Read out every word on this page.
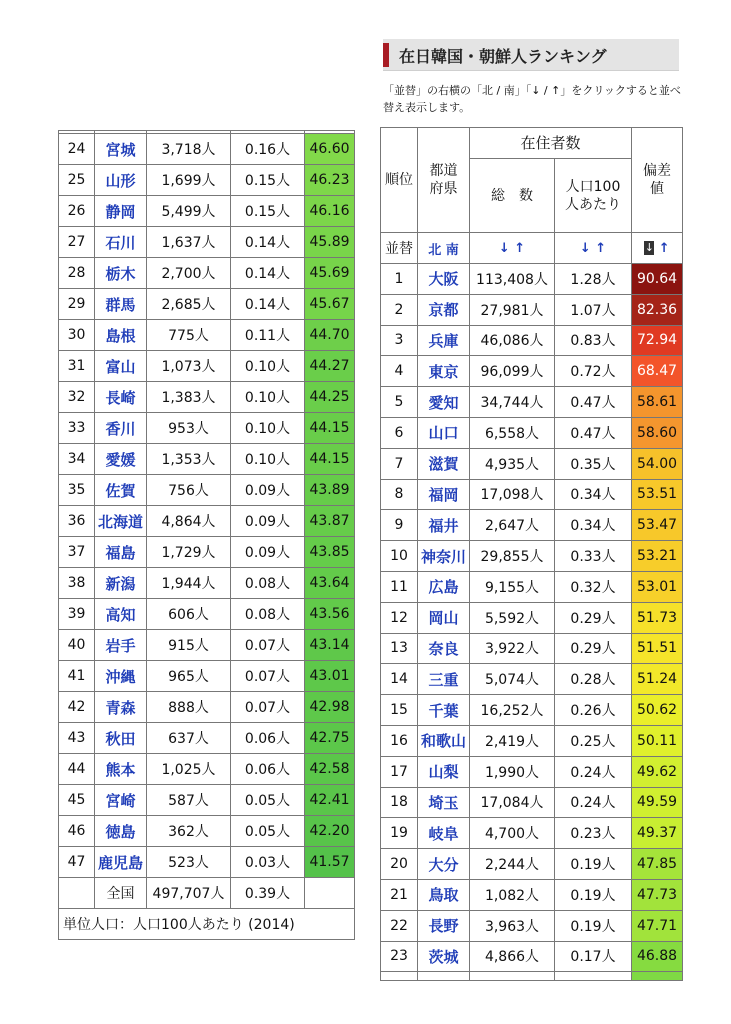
在日韓国・朝鮮人ランキング
「並替」の右横の「北 / 南」「↓ / ↑」をクリックすると並べ替え表示します。

24	宮城	3,718人	0.16人	46.60
25	山形	1,699人	0.15人	46.23
26	静岡	5,499人	0.15人	46.16
27	石川	1,637人	0.14人	45.89
28	栃木	2,700人	0.14人	45.69
29	群馬	2,685人	0.14人	45.67
30	島根	775人	0.11人	44.70
31	富山	1,073人	0.10人	44.27
32	長崎	1,383人	0.10人	44.25
33	香川	953人	0.10人	44.15
34	愛媛	1,353人	0.10人	44.15
35	佐賀	756人	0.09人	43.89
36	北海道	4,864人	0.09人	43.87
37	福島	1,729人	0.09人	43.85
38	新潟	1,944人	0.08人	43.64
39	高知	606人	0.08人	43.56
40	岩手	915人	0.07人	43.14
41	沖縄	965人	0.07人	43.01
42	青森	888人	0.07人	42.98
43	秋田	637人	0.06人	42.75
44	熊本	1,025人	0.06人	42.58
45	宮崎	587人	0.05人	42.41
46	徳島	362人	0.05人	42.20
47	鹿児島	523人	0.03人	41.57
	全国	497,707人	0.39人	
単位人口：人口100人あたり (2014)				
順位	都道府県	在住者数		偏差値
		総　数	人口100人あたり	
並替	北 南	↓ ↑	↓ ↑	↓ ↑
1	大阪	113,408人	1.28人	90.64
2	京都	27,981人	1.07人	82.36
3	兵庫	46,086人	0.83人	72.94
4	東京	96,099人	0.72人	68.47
5	愛知	34,744人	0.47人	58.61
6	山口	6,558人	0.47人	58.60
7	滋賀	4,935人	0.35人	54.00
8	福岡	17,098人	0.34人	53.51
9	福井	2,647人	0.34人	53.47
10	神奈川	29,855人	0.33人	53.21
11	広島	9,155人	0.32人	53.01
12	岡山	5,592人	0.29人	51.73
13	奈良	3,922人	0.29人	51.51
14	三重	5,074人	0.28人	51.24
15	千葉	16,252人	0.26人	50.62
16	和歌山	2,419人	0.25人	50.11
17	山梨	1,990人	0.24人	49.62
18	埼玉	17,084人	0.24人	49.59
19	岐阜	4,700人	0.23人	49.37
20	大分	2,244人	0.19人	47.85
21	鳥取	1,082人	0.19人	47.73
22	長野	3,963人	0.19人	47.71
23	茨城	4,866人	0.17人	46.88
